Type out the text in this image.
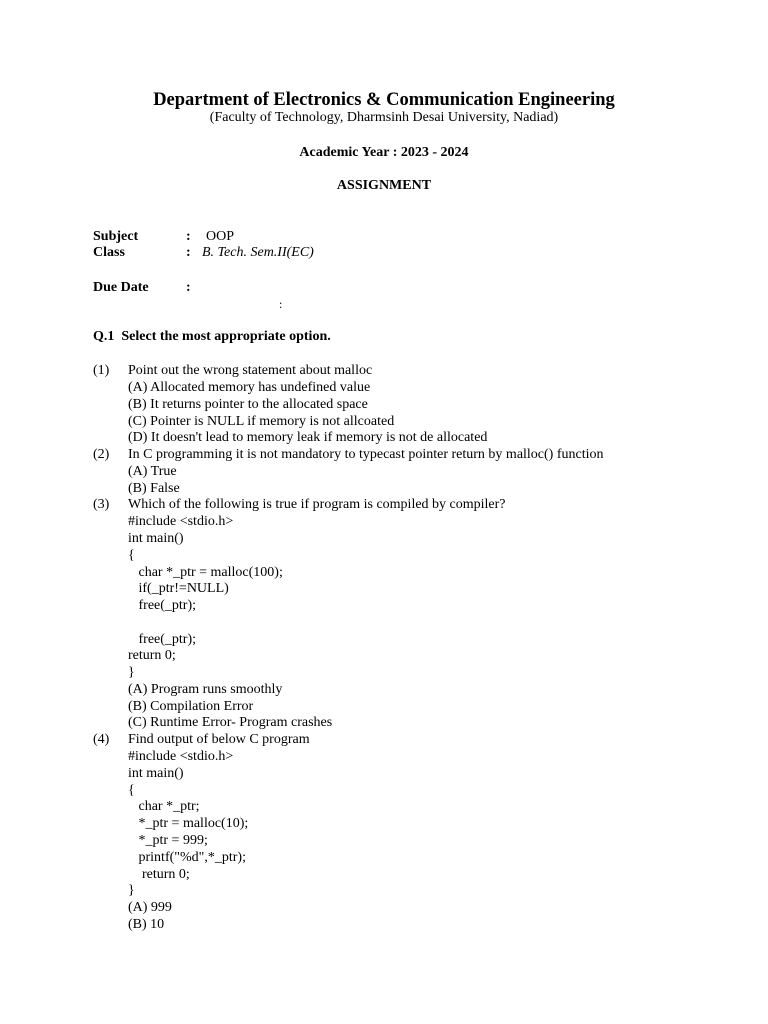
Department of Electronics & Communication Engineering
(Faculty of Technology, Dharmsinh Desai University, Nadiad)
Academic Year : 2023 - 2024
ASSIGNMENT
Subject	: OOP
Class	: B. Tech. Sem.II(EC)
Due Date	:
:
Q.1  Select the most appropriate option.
(1) Point out the wrong statement about malloc
(A) Allocated memory has undefined value
(B) It returns pointer to the allocated space
(C) Pointer is NULL if memory is not allcoated
(D) It doesn't lead to memory leak if memory is not de allocated
(2) In C programming it is not mandatory to typecast pointer return by malloc() function
(A) True
(B) False
(3) Which of the following is true if program is compiled by compiler?
#include <stdio.h>
int main()
{
char *_ptr = malloc(100);
if(_ptr!=NULL)
free(_ptr);
free(_ptr);
return 0;
}
(A) Program runs smoothly
(B) Compilation Error
(C) Runtime Error- Program crashes
(4) Find output of below C program
#include <stdio.h>
int main()
{
char *_ptr;
*_ptr = malloc(10);
*_ptr = 999;
printf("%d",*_ptr);
return 0;
}
(A) 999
(B) 10
